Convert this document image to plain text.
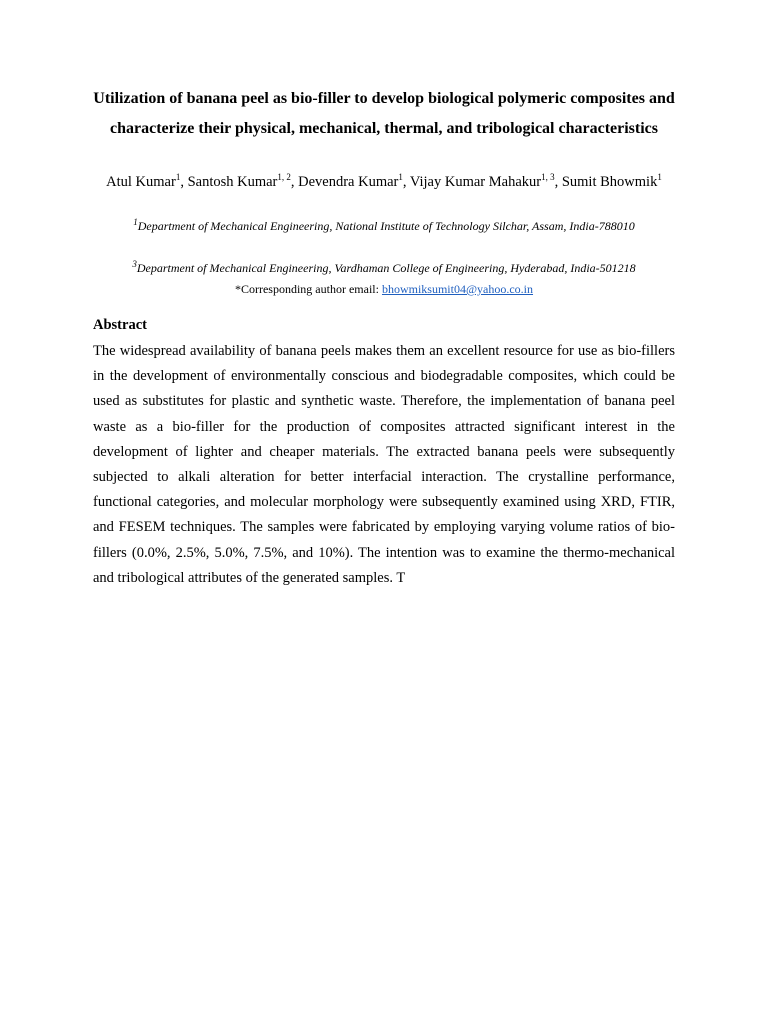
Utilization of banana peel as bio-filler to develop biological polymeric composites and characterize their physical, mechanical, thermal, and tribological characteristics

Atul Kumar$^1$, Santosh Kumar$^{1, 2}$, Devendra Kumar$^1$, Vijay Kumar Mahakur$^{1, 3}$, Sumit Bhowmik$^1$

$^1$Department of Mechanical Engineering, National Institute of Technology Silchar, Assam, India-788010

$^3$Department of Mechanical Engineering, Vardhaman College of Engineering, Hyderabad, India-501218

*Corresponding author email: bhowmiksumit04@yahoo.co.in

Abstract

The widespread availability of banana peels makes them an excellent resource for use as bio-fillers in the development of environmentally conscious and biodegradable composites, which could be used as substitutes for plastic and synthetic waste. Therefore, the implementation of banana peel waste as a bio-filler for the production of composites attracted significant interest in the development of lighter and cheaper materials. The extracted banana peels were subsequently subjected to alkali alteration for better interfacial interaction. The crystalline performance, functional categories, and molecular morphology were subsequently examined using XRD, FTIR, and FESEM techniques. The samples were fabricated by employing varying volume ratios of bio-fillers (0.0%, 2.5%, 5.0%, 7.5%, and 10%). The intention was to examine the thermo-mechanical and tribological attributes of the generated samples. T
